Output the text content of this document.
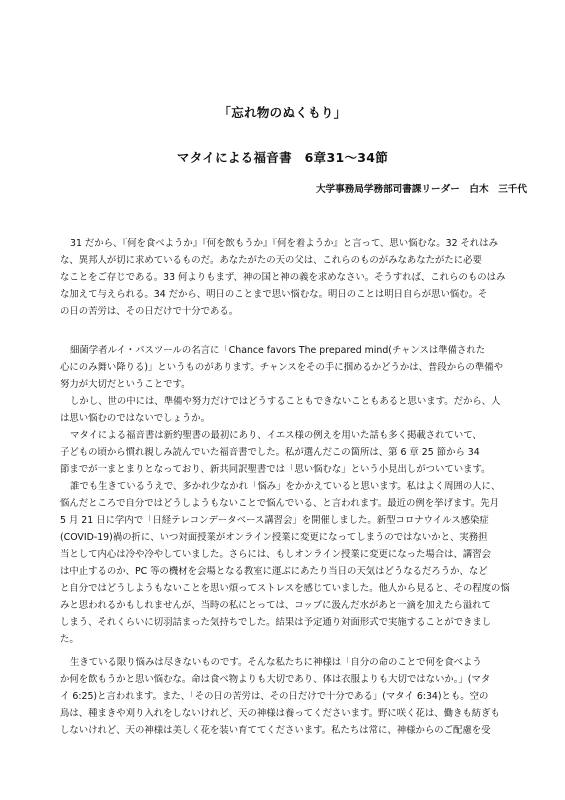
「忘れ物のぬくもり」
マタイによる福音書　6章31～34節
大学事務局学務部司書課リーダー　白木　三千代
31 だから、『何を食べようか』『何を飲もうか』『何を着ようか』と言って、思い悩むな。32 それはみ
な、異邦人が切に求めているものだ。あなたがたの天の父は、これらのものがみなあなたがたに必要
なことをご存じである。33 何よりもまず、神の国と神の義を求めなさい。そうすれば、これらのものはみ
な加えて与えられる。34 だから、明日のことまで思い悩むな。明日のことは明日自らが思い悩む。そ
の日の苦労は、その日だけで十分である。
細菌学者ルイ・パスツールの名言に「Chance favors The prepared mind(チャンスは準備された
心にのみ舞い降りる)」というものがあります。チャンスをその手に掴めるかどうかは、普段からの準備や
努力が大切だということです。
しかし、世の中には、準備や努力だけではどうすることもできないこともあると思います。だから、人
は思い悩むのではないでしょうか。
マタイによる福音書は新約聖書の最初にあり、イエス様の例えを用いた話も多く掲載されていて、
子どもの頃から慣れ親しみ読んでいた福音書でした。私が選んだこの箇所は、第 6 章 25 節から 34
節までが一まとまりとなっており、新共同訳聖書では「思い悩むな」という小見出しがついています。
誰でも生きているうえで、多かれ少なかれ「悩み」をかかえていると思います。私はよく周囲の人に、
悩んだところで自分ではどうしようもないことで悩んでいる、と言われます。最近の例を挙げます。先月
5 月 21 日に学内で「日経テレコンデータベース講習会」を開催しました。新型コロナウイルス感染症
(COVID-19)禍の折に、いつ対面授業がオンライン授業に変更になってしまうのではないかと、実務担
当として内心は冷や冷やしていました。さらには、もしオンライン授業に変更になった場合は、講習会
は中止するのか、PC 等の機材を会場となる教室に運ぶにあたり当日の天気はどうなるだろうか、など
と自分ではどうしようもないことを思い煩ってストレスを感じていました。他人から見ると、その程度の悩
みと思われるかもしれませんが、当時の私にとっては、コップに汲んだ水があと一滴を加えたら溢れて
しまう、それくらいに切羽詰まった気持ちでした。結果は予定通り対面形式で実施することができまし
た。
生きている限り悩みは尽きないものです。そんな私たちに神様は「自分の命のことで何を食べよう
か何を飲もうかと思い悩むな。命は食べ物よりも大切であり、体は衣服よりも大切ではないか。」(マタ
イ 6:25)と言われます。また、「その日の苦労は、その日だけで十分である」(マタイ 6:34)とも。空の
鳥は、種まきや刈り入れをしないけれど、天の神様は養ってくださいます。野に咲く花は、働きも紡ぎも
しないけれど、天の神様は美しく花を装い育ててくださいます。私たちは常に、神様からのご配慮を受
